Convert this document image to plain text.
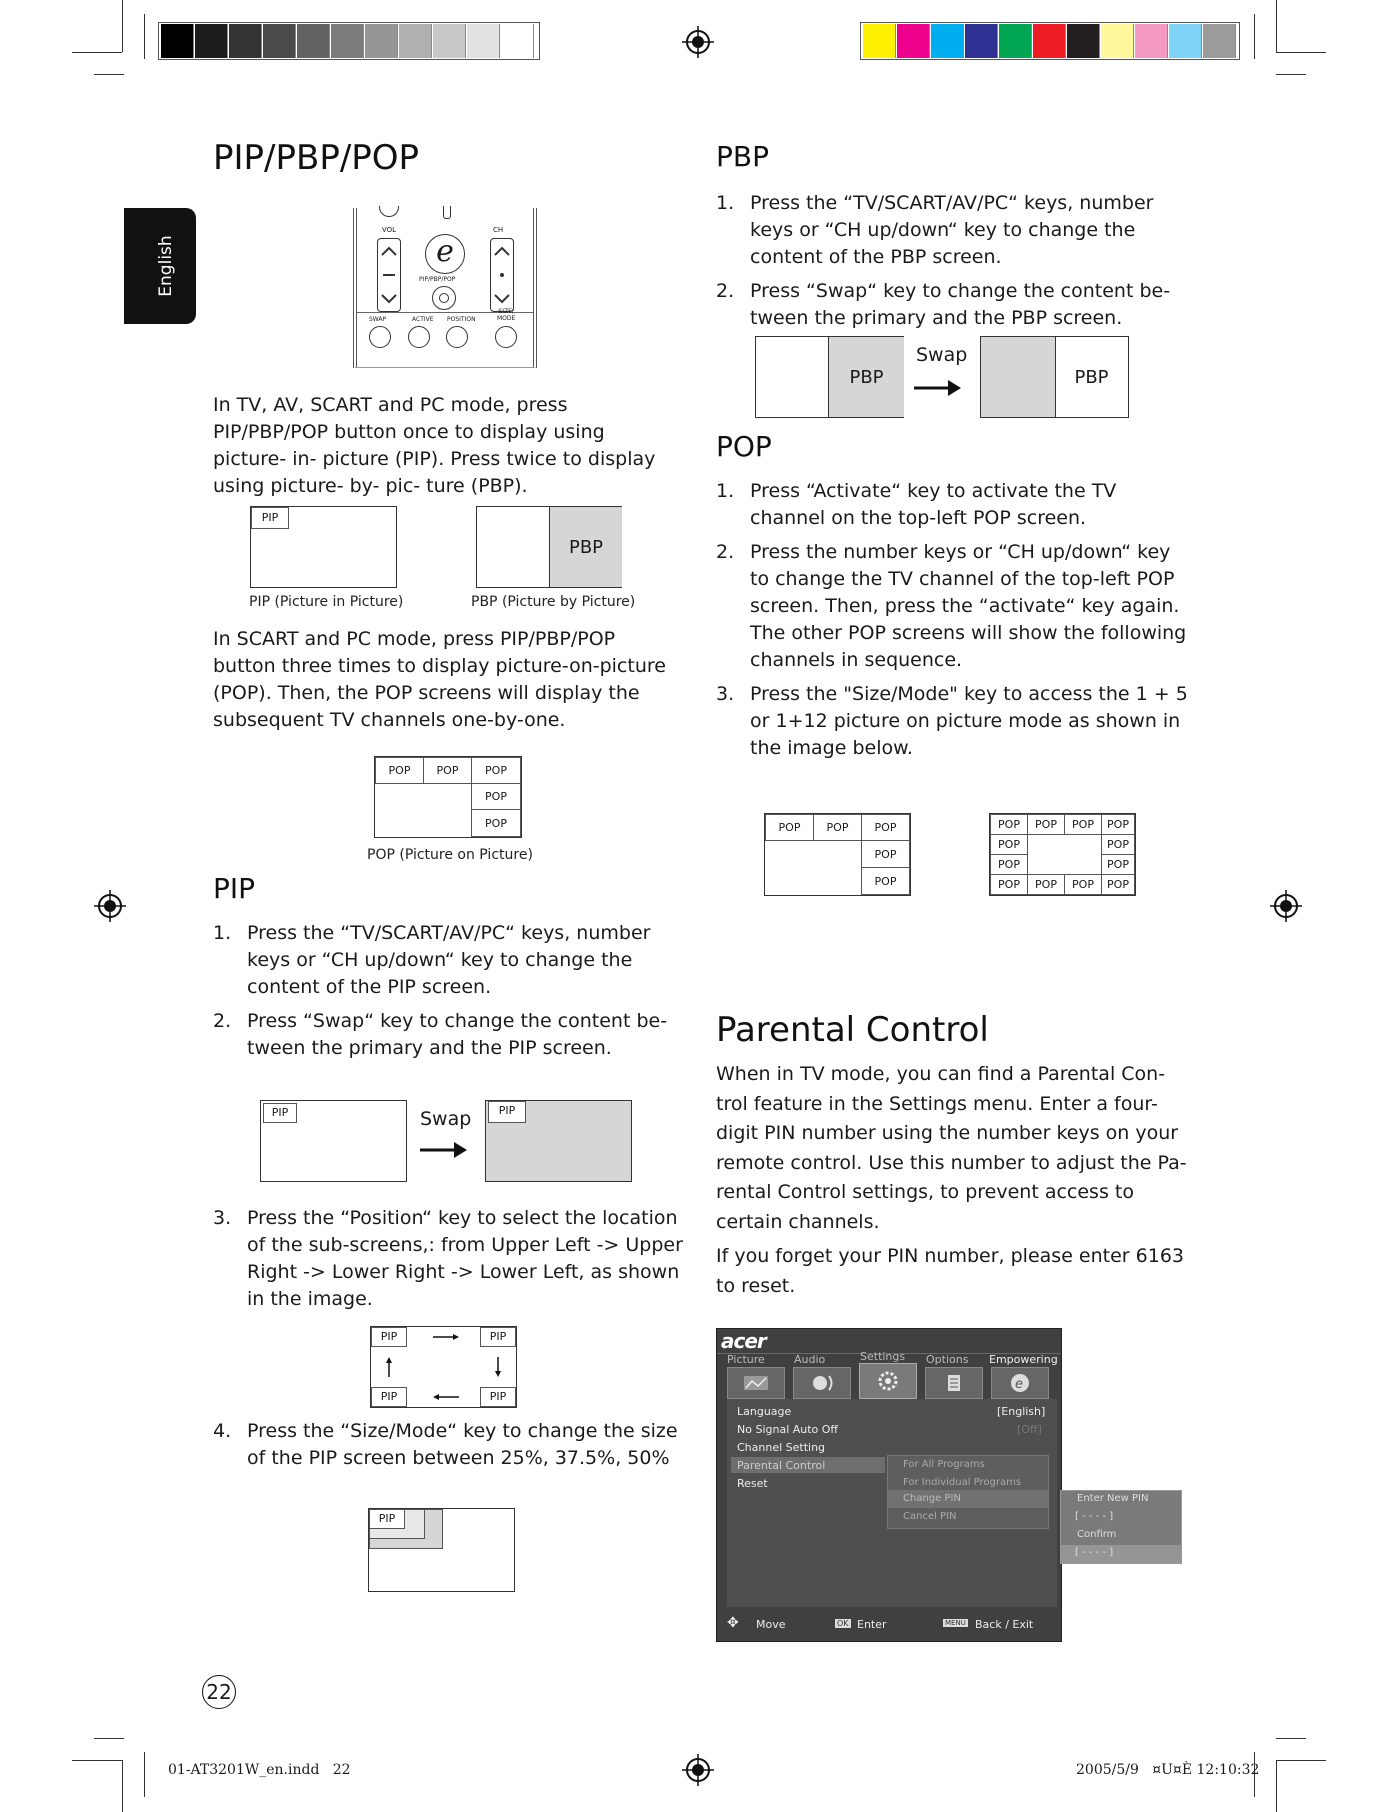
English
PIP/PBP/POP
VOL	CH
e
PIP/PBP/POP
SWAP	ACTIVE POSITION
SIZE/
MODE
In TV, AV, SCART and PC mode, press PIP/PBP/POP button once to display using picture- in- picture (PIP). Press twice to display using picture- by- pic- ture (PBP).
PIP
PBP
PIP (Picture in Picture)	PBP (Picture by Picture)
In SCART and PC mode, press PIP/PBP/POP button three times to display picture-on-picture (POP). Then, the POP screens will display the subsequent TV channels one-by-one.
POP	POP	POP
POP
POP
POP (Picture on Picture)
PIP
1. Press the “TV/SCART/AV/PC“ keys, number keys or “CH up/down“ key to change the content of the PIP screen.
2. Press “Swap“ key to change the content be- tween the primary and the PIP screen.
PIP	Swap	PIP
3. Press the “Position“ key to select the location of the sub-screens,: from Upper Left -> Upper Right -> Lower Right -> Lower Left, as shown in the image.
PIP	PIP
PIP	PIP
4. Press the “Size/Mode“ key to change the size of the PIP screen between 25%, 37.5%, 50%
PIP
22
PBP
1. Press the “TV/SCART/AV/PC“ keys, number keys or “CH up/down“ key to change the content of the PBP screen.
2. Press “Swap“ key to change the content be- tween the primary and the PBP screen.
PBP
Swap
PBP
POP
1. Press “Activate“ key to activate the TV channel on the top-left POP screen.
2. Press the number keys or “CH up/down“ key to change the TV channel of the top-left POP screen. Then, press the “activate“ key again. The other POP screens will show the following channels in sequence.
3. Press the "Size/Mode" key to access the 1 + 5 or 1+12 picture on picture mode as shown in the image below.
POP	POP	POP
POP
POP
POP	POP	POP	POP
POP	POP
POP	POP
POP	POP	POP	POP
Parental Control
When in TV mode, you can find a Parental Con- trol feature in the Settings menu. Enter a four- digit PIN number using the number keys on your remote control. Use this number to adjust the Pa- rental Control settings, to prevent access to certain channels.
If you forget your PIN number, please enter 6163 to reset.
acer
Picture	Audio	Settings Options Empowering
e
Language	[English]
No Signal Auto Off	[Off]
Channel Setting
Parental Control
Reset
For All Programs
For Individual Programs
Change PIN
Cancel PIN
✥ Move	OK Enter	MENU Back / Exit
Enter New PIN
[ - - - - ]
Confirm
[ - - - - ]
01-AT3201W_en.indd   22	2005/5/9   ¤U¤È 12:10:32
